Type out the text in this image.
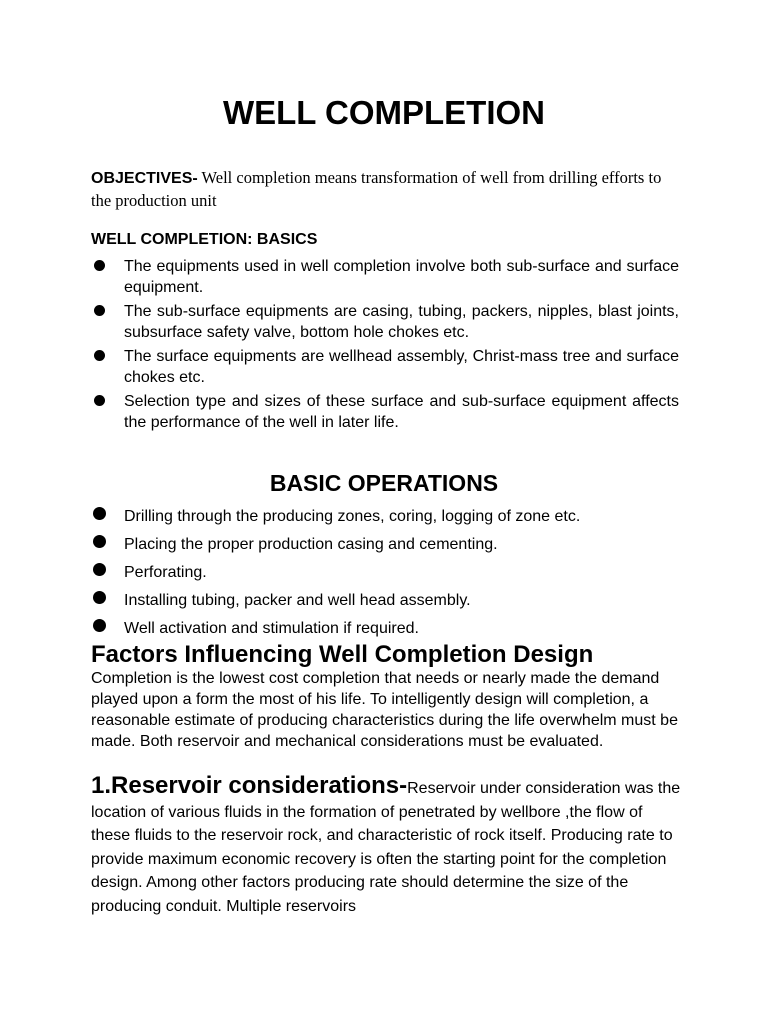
WELL COMPLETION
OBJECTIVES- Well completion means transformation of well from drilling efforts to the production unit
WELL COMPLETION: BASICS
The equipments used in well completion involve both sub-surface and surface equipment.
The sub-surface equipments are casing, tubing, packers, nipples, blast joints, subsurface safety valve, bottom hole chokes etc.
The surface equipments are wellhead assembly, Christ-mass tree and surface chokes etc.
Selection type and sizes of these surface and sub-surface equipment affects the performance of the well in later life.
BASIC OPERATIONS
Drilling through the producing zones, coring, logging of zone etc.
Placing the proper production casing and cementing.
Perforating.
Installing tubing, packer and well head assembly.
Well activation and stimulation if required.
Factors Influencing Well Completion Design
Completion is the lowest cost completion that needs or nearly made the demand played upon a form the most of his life. To intelligently design will completion, a reasonable estimate of producing characteristics during the life overwhelm must be made. Both reservoir and mechanical considerations must be evaluated.
1.Reservoir considerations-Reservoir under consideration was the location of various fluids in the formation of penetrated by wellbore ,the flow of these fluids to the reservoir rock, and characteristic of rock itself. Producing rate to provide maximum economic recovery is often the starting point for the completion design. Among other factors producing rate should determine the size of the producing conduit. Multiple reservoirs
